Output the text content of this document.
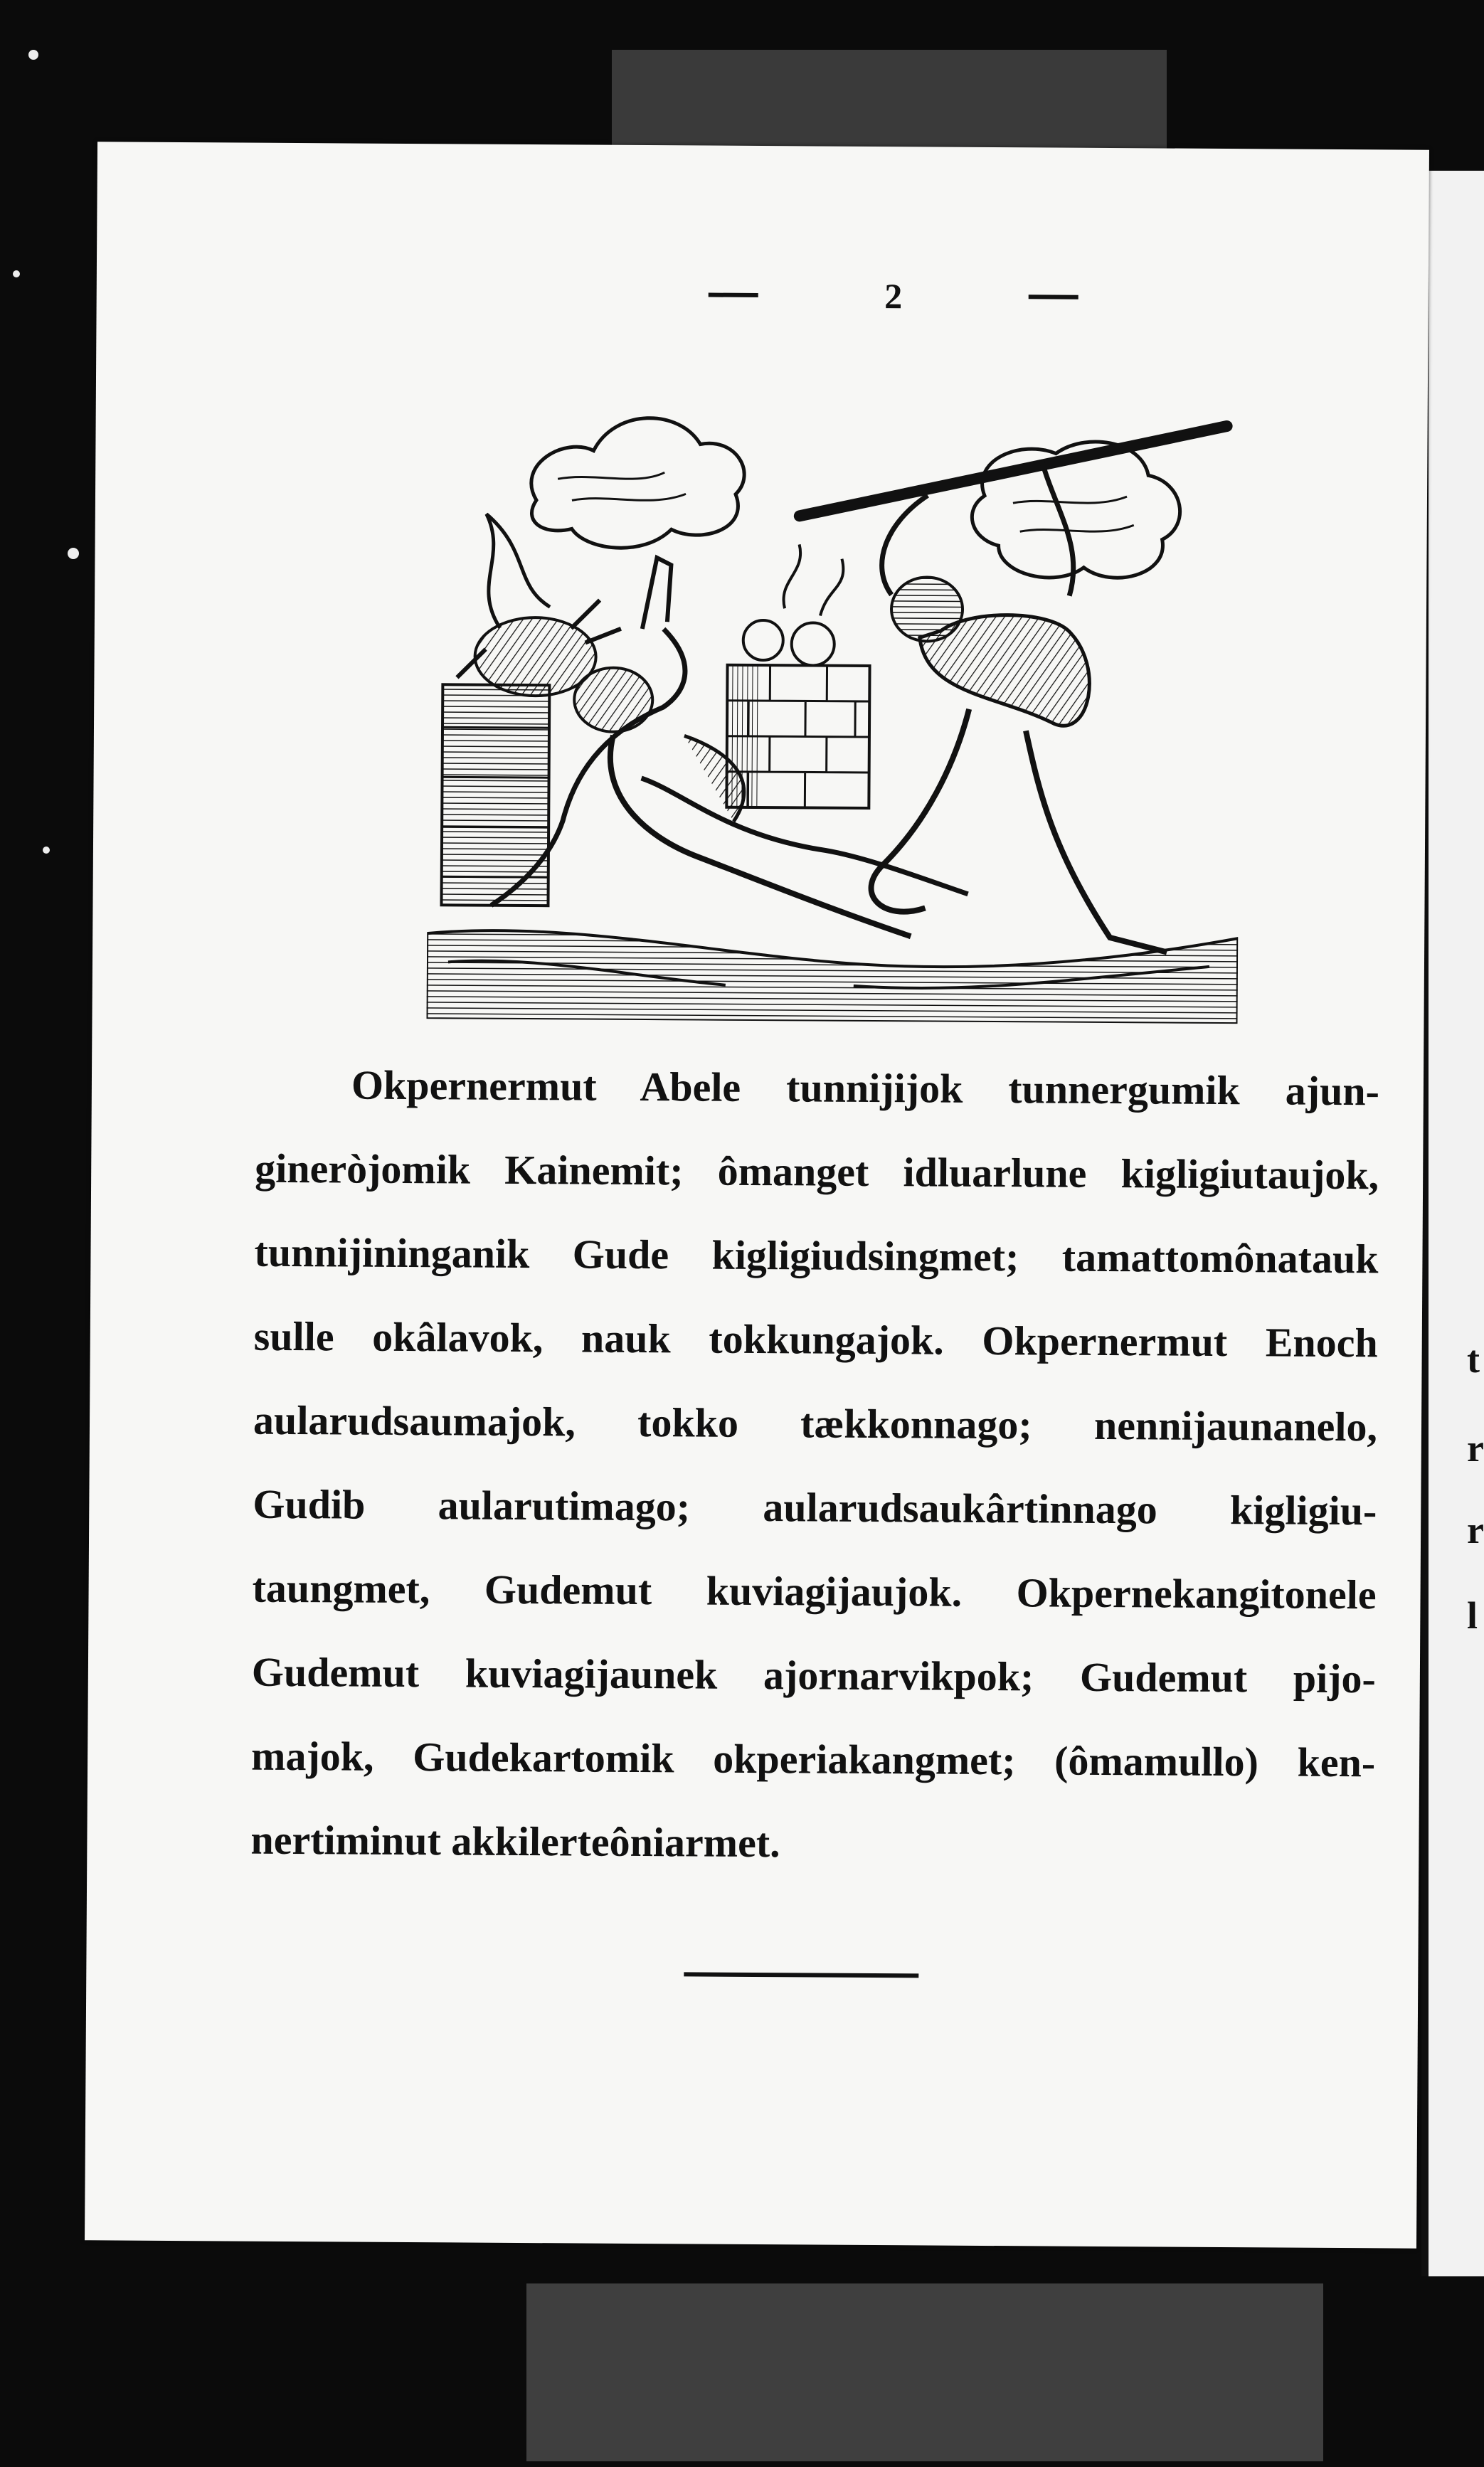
t
r
r
l
2
Okpernermut Abele tunnijijok tunnergumik ajun-
gineròjomik Kainemit; ômanget idluarlune kigligiutaujok,
tunnijininganik Gude kigligiudsingmet; tamattomônatauk
sulle okâlavok, nauk tokkungajok. Okpernermut Enoch
aularudsaumajok, tokko tækkonnago; nennijaunanelo,
Gudib aularutimago; aularudsaukârtinnago kigligiu-
taungmet, Gudemut kuviagijaujok. Okpernekangitonele
Gudemut kuviagijaunek ajornarvikpok; Gudemut pijo-
majok, Gudekartomik okperiakangmet; (ômamullo) ken-
nertiminut akkilerteôniarmet.
